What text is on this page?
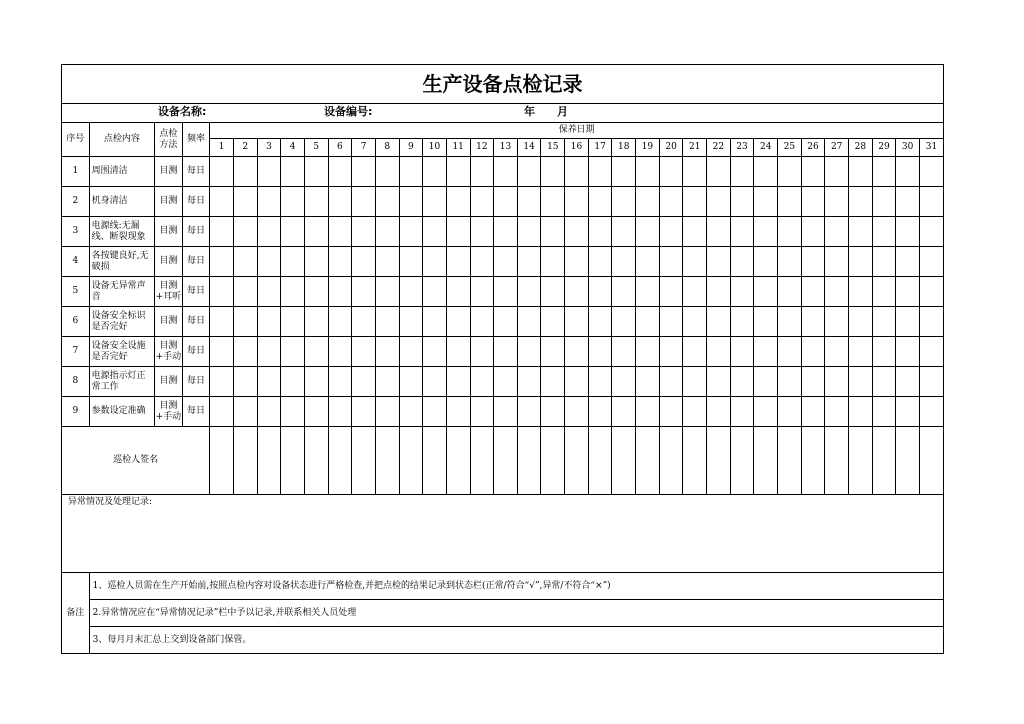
生产设备点检记录																																		

设备名称: 设备编号: 年 月																																		

序号	点检内容	点检方法	频率	保养日期																														
				1	2	3	4	5	6	7	8	9	10	11	12	13	14	15	16	17	18	19	20	21	22	23	24	25	26	27	28	29	30	31
1	周围清洁	目测	每日																															
2	机身清洁	目测	每日																															
3	电源线:无漏线、断裂现象	目测	每日																															
4	各按键良好,无破损	目测	每日																															
5	设备无异常声音	目测+耳听	每日																															
6	设备安全标识是否完好	目测	每日																															
7	设备安全设施是否完好	目测+手动	每日																															
8	电源指示灯正常工作	目测	每日																															
9	参数设定准确	目测+手动	每日																															
巡检人签名																																		
异常情况及处理记录:																																		
备注	1、巡检人员需在生产开始前,按照点检内容对设备状态进行严格检查,并把点检的结果记录到状态栏(正常/符合“√”,异常/不符合“×”)																																	
	2.异常情况应在“异常情况记录”栏中予以记录,并联系相关人员处理																																	
	3、每月月末汇总上交到设备部门保管。																																	
